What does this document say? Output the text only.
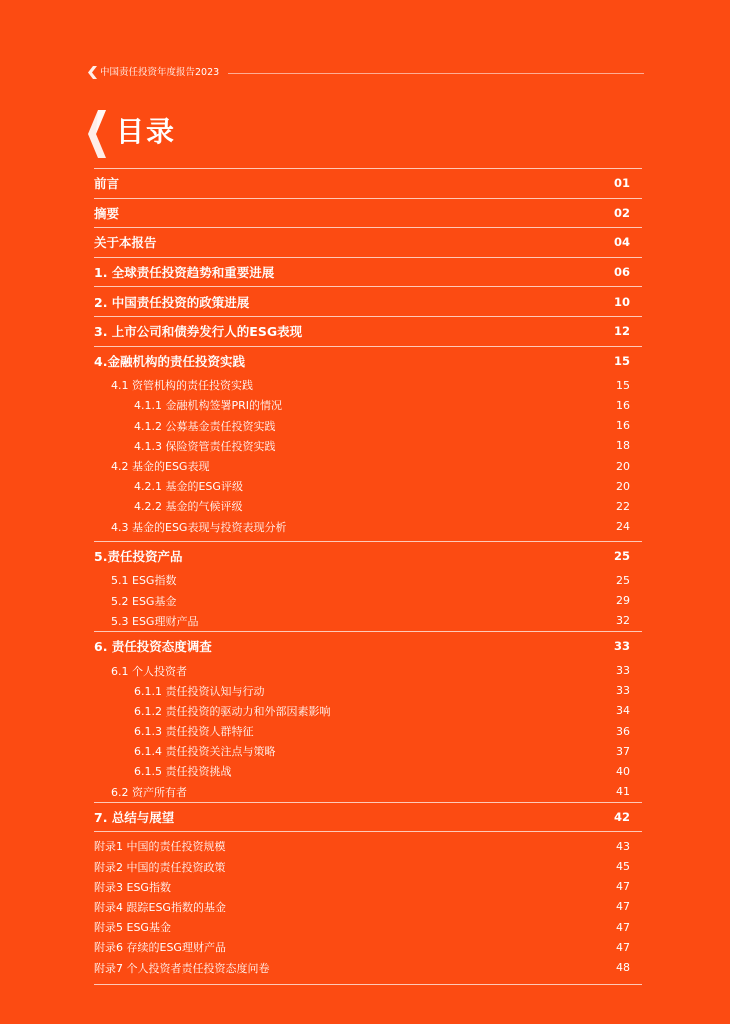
中国责任投资年度报告2023
目录
前言	01
摘要	02
关于本报告	04
1. 全球责任投资趋势和重要进展	06
2. 中国责任投资的政策进展	10
3. 上市公司和债券发行人的ESG表现	12
4.金融机构的责任投资实践	15
4.1 资管机构的责任投资实践	15
4.1.1 金融机构签署PRI的情况	16
4.1.2 公募基金责任投资实践	16
4.1.3 保险资管责任投资实践	18
4.2 基金的ESG表现	20
4.2.1 基金的ESG评级	20
4.2.2 基金的气候评级	22
4.3 基金的ESG表现与投资表现分析	24
5.责任投资产品	25
5.1 ESG指数	25
5.2 ESG基金	29
5.3 ESG理财产品	32
6. 责任投资态度调查	33
6.1 个人投资者	33
6.1.1 责任投资认知与行动	33
6.1.2 责任投资的驱动力和外部因素影响	34
6.1.3 责任投资人群特征	36
6.1.4 责任投资关注点与策略	37
6.1.5 责任投资挑战	40
6.2 资产所有者	41
7. 总结与展望	42
附录1 中国的责任投资规模	43
附录2 中国的责任投资政策	45
附录3 ESG指数	47
附录4 跟踪ESG指数的基金	47
附录5 ESG基金	47
附录6 存续的ESG理财产品	47
附录7 个人投资者责任投资态度问卷	48
